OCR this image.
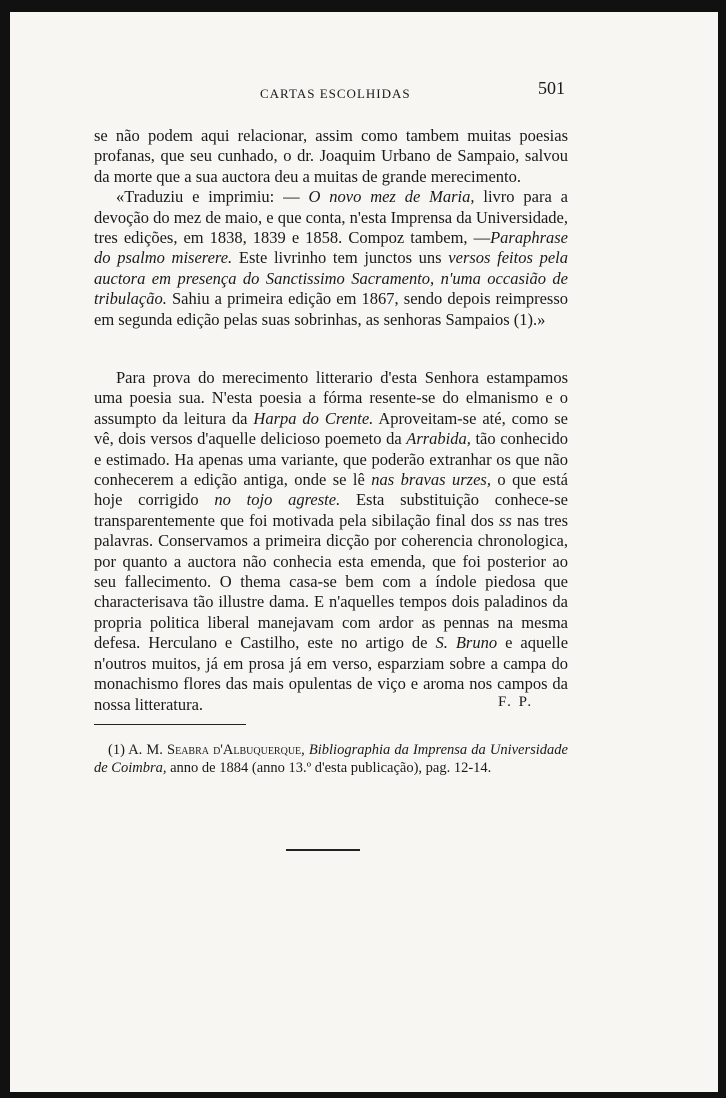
CARTAS ESCOLHIDAS	501

se não podem aqui relacionar, assim como tambem muitas poesias profanas, que seu cunhado, o dr. Joaquim Urbano de Sampaio, salvou da morte que a sua auctora deu a muitas de grande merecimento.

«Traduziu e imprimiu: — O novo mez de Maria, livro para a devoção do mez de maio, e que conta, n'esta Imprensa da Universidade, tres edições, em 1838, 1839 e 1858. Compoz tambem, —Paraphrase do psalmo miserere. Este livrinho tem junctos uns versos feitos pela auctora em presença do Sanctissimo Sacramento, n'uma occasião de tribulação. Sahiu a primeira edição em 1867, sendo depois reimpresso em segunda edição pelas suas sobrinhas, as senhoras Sampaios (1).»

Para prova do merecimento litterario d'esta Senhora estampamos uma poesia sua. N'esta poesia a fórma resente-se do elmanismo e o assumpto da leitura da Harpa do Crente. Aproveitam-se até, como se vê, dois versos d'aquelle delicioso poemeto da Arrabida, tão conhecido e estimado. Ha apenas uma variante, que poderão extranhar os que não conhecerem a edição antiga, onde se lê nas bravas urzes, o que está hoje corrigido no tojo agreste. Esta substituição conhece-se transparentemente que foi motivada pela sibilação final dos ss nas tres palavras. Conservamos a primeira dicção por coherencia chronologica, por quanto a auctora não conhecia esta emenda, que foi posterior ao seu fallecimento. O thema casa-se bem com a índole piedosa que characterisava tão illustre dama. E n'aquelles tempos dois paladinos da propria politica liberal manejavam com ardor as pennas na mesma defesa. Herculano e Castilho, este no artigo de S. Bruno e aquelle n'outros muitos, já em prosa já em verso, esparziam sobre a campa do monachismo flores das mais opulentas de viço e aroma nos campos da nossa litteratura.	F. P.

(1) A. M. Seabra d'Albuquerque, Bibliographia da Imprensa da Universidade de Coimbra, anno de 1884 (anno 13.º d'esta publicação), pag. 12-14.
